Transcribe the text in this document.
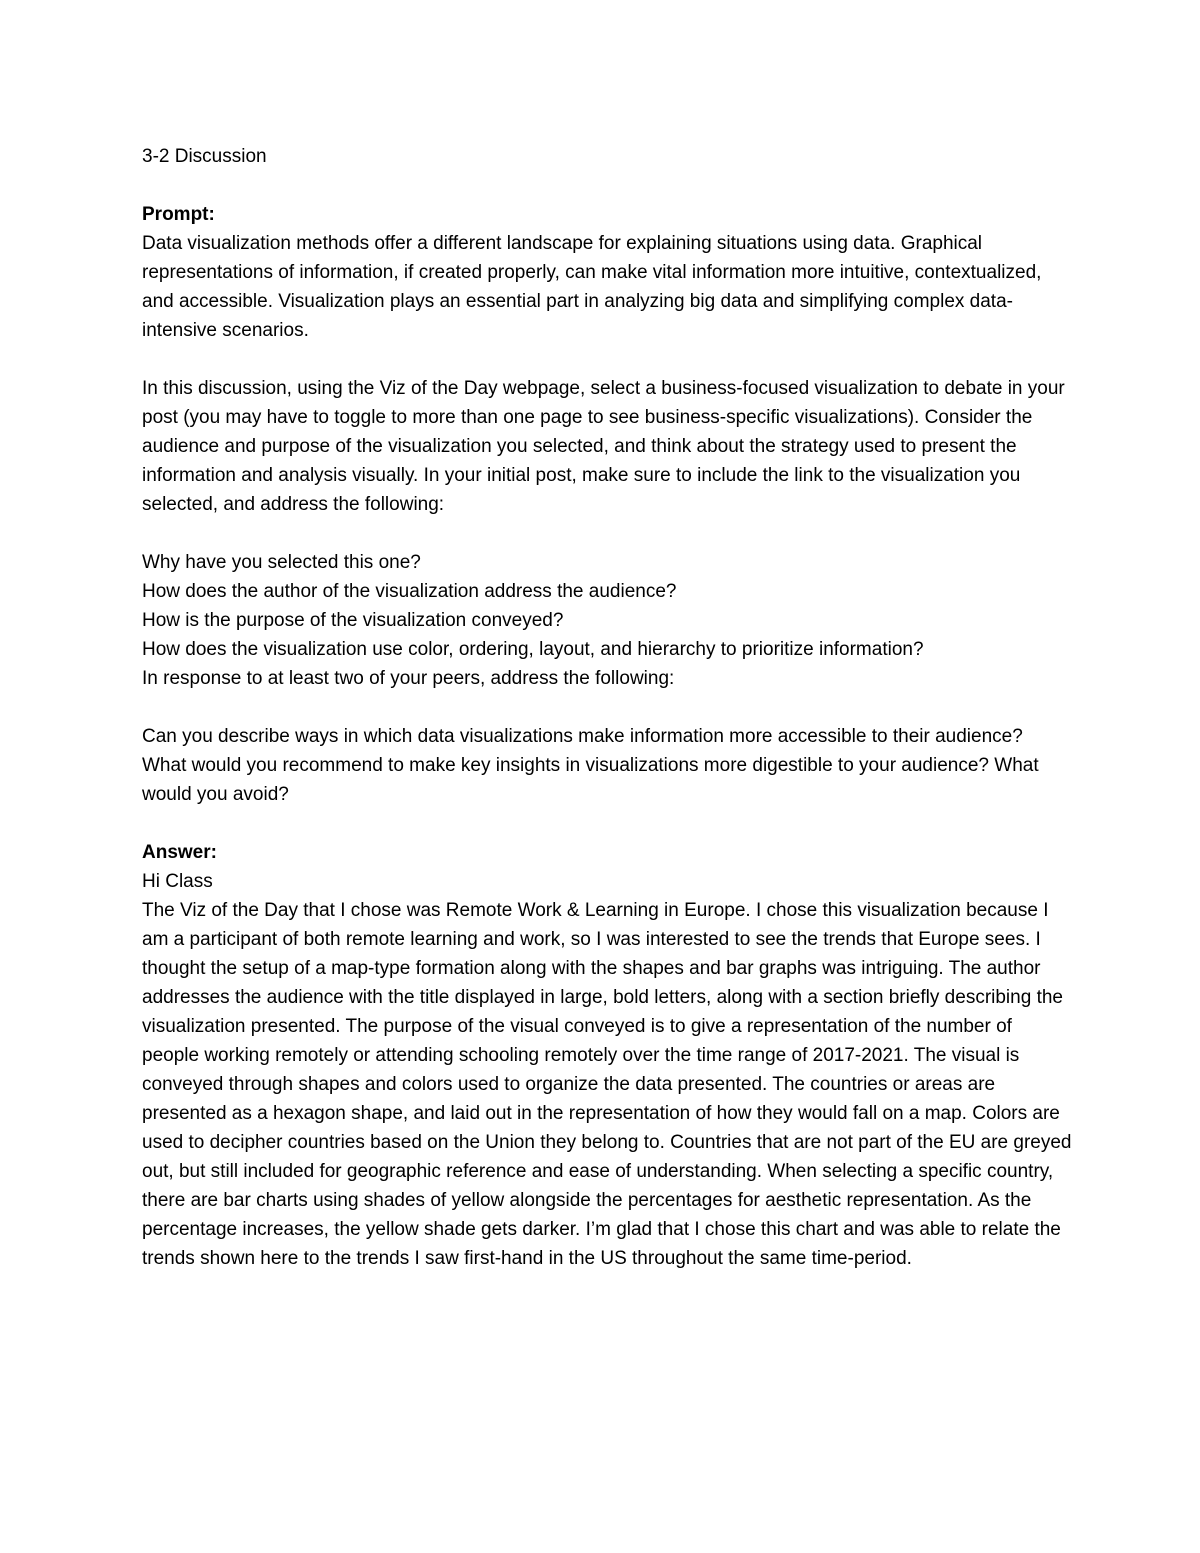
3-2 Discussion

Prompt:

Data visualization methods offer a different landscape for explaining situations using data. Graphical representations of information, if created properly, can make vital information more intuitive, contextualized, and accessible. Visualization plays an essential part in analyzing big data and simplifying complex data-intensive scenarios.

In this discussion, using the Viz of the Day webpage, select a business-focused visualization to debate in your post (you may have to toggle to more than one page to see business-specific visualizations). Consider the audience and purpose of the visualization you selected, and think about the strategy used to present the information and analysis visually. In your initial post, make sure to include the link to the visualization you selected, and address the following:

Why have you selected this one?

How does the author of the visualization address the audience?

How is the purpose of the visualization conveyed?

How does the visualization use color, ordering, layout, and hierarchy to prioritize information?

In response to at least two of your peers, address the following:

Can you describe ways in which data visualizations make information more accessible to their audience? What would you recommend to make key insights in visualizations more digestible to your audience? What would you avoid?

Answer:

Hi Class

The Viz of the Day that I chose was Remote Work & Learning in Europe. I chose this visualization because I am a participant of both remote learning and work, so I was interested to see the trends that Europe sees. I thought the setup of a map-type formation along with the shapes and bar graphs was intriguing. The author addresses the audience with the title displayed in large, bold letters, along with a section briefly describing the visualization presented. The purpose of the visual conveyed is to give a representation of the number of people working remotely or attending schooling remotely over the time range of 2017-2021. The visual is conveyed through shapes and colors used to organize the data presented. The countries or areas are presented as a hexagon shape, and laid out in the representation of how they would fall on a map. Colors are used to decipher countries based on the Union they belong to. Countries that are not part of the EU are greyed out, but still included for geographic reference and ease of understanding. When selecting a specific country, there are bar charts using shades of yellow alongside the percentages for aesthetic representation. As the percentage increases, the yellow shade gets darker. I’m glad that I chose this chart and was able to relate the trends shown here to the trends I saw first-hand in the US throughout the same time-period.
